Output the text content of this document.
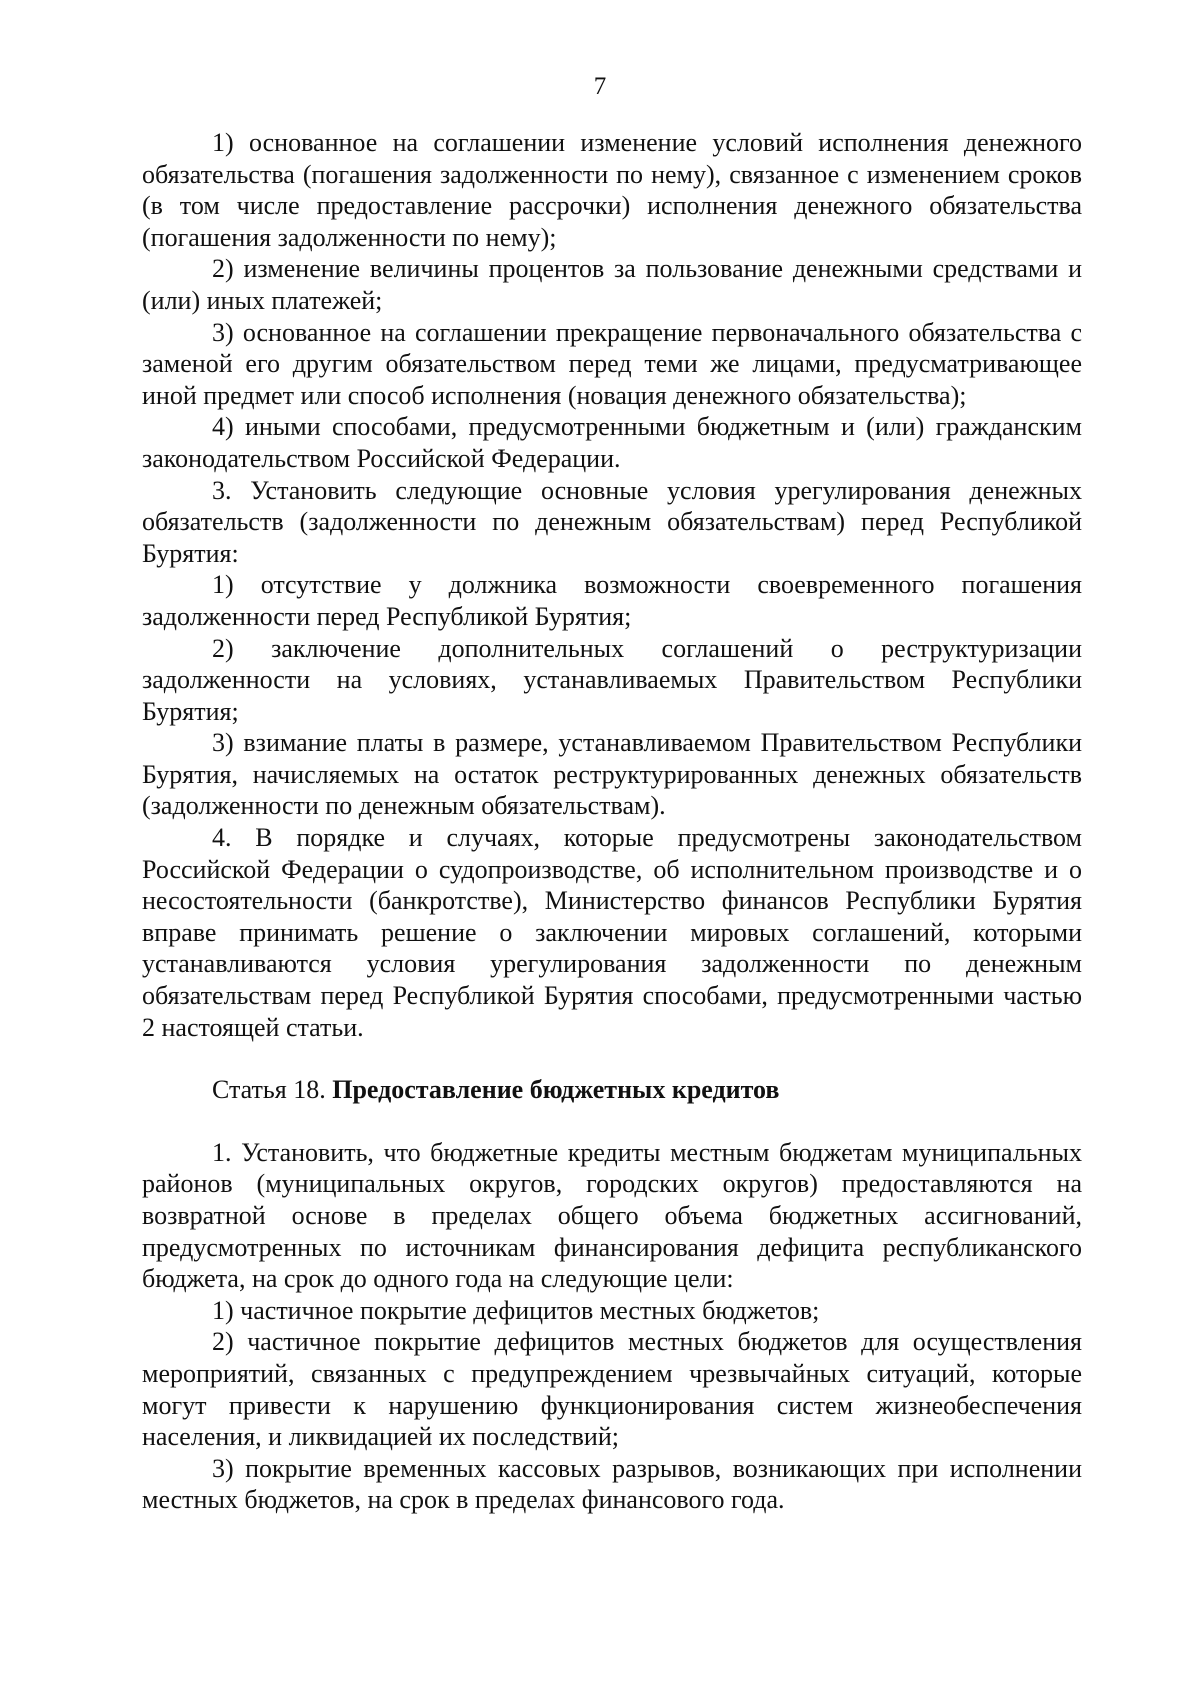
7

1) основанное на соглашении изменение условий исполнения денежного обязательства (погашения задолженности по нему), связанное с изменением сроков (в том числе предоставление рассрочки) исполнения денежного обязательства (погашения задолженности по нему);

2) изменение величины процентов за пользование денежными средствами и (или) иных платежей;

3) основанное на соглашении прекращение первоначального обязательства с заменой его другим обязательством перед теми же лицами, предусматривающее иной предмет или способ исполнения (новация денежного обязательства);

4) иными способами, предусмотренными бюджетным и (или) гражданским законодательством Российской Федерации.

3. Установить следующие основные условия урегулирования денежных обязательств (задолженности по денежным обязательствам) перед Республикой Бурятия:

1) отсутствие у должника возможности своевременного погашения задолженности перед Республикой Бурятия;

2) заключение дополнительных соглашений о реструктуризации задолженности на условиях, устанавливаемых Правительством Республики Бурятия;

3) взимание платы в размере, устанавливаемом Правительством Республики Бурятия, начисляемых на остаток реструктурированных денежных обязательств (задолженности по денежным обязательствам).

4. В порядке и случаях, которые предусмотрены законодательством Российской Федерации о судопроизводстве, об исполнительном производстве и о несостоятельности (банкротстве), Министерство финансов Республики Бурятия вправе принимать решение о заключении мировых соглашений, которыми устанавливаются условия урегулирования задолженности по денежным обязательствам перед Республикой Бурятия способами, предусмотренными частью 2 настоящей статьи.

Статья 18. Предоставление бюджетных кредитов

1. Установить, что бюджетные кредиты местным бюджетам муниципальных районов (муниципальных округов, городских округов) предоставляются на возвратной основе в пределах общего объема бюджетных ассигнований, предусмотренных по источникам финансирования дефицита республиканского бюджета, на срок до одного года на следующие цели:

1) частичное покрытие дефицитов местных бюджетов;

2) частичное покрытие дефицитов местных бюджетов для осуществления мероприятий, связанных с предупреждением чрезвычайных ситуаций, которые могут привести к нарушению функционирования систем жизнеобеспечения населения, и ликвидацией их последствий;

3) покрытие временных кассовых разрывов, возникающих при исполнении местных бюджетов, на срок в пределах финансового года.
